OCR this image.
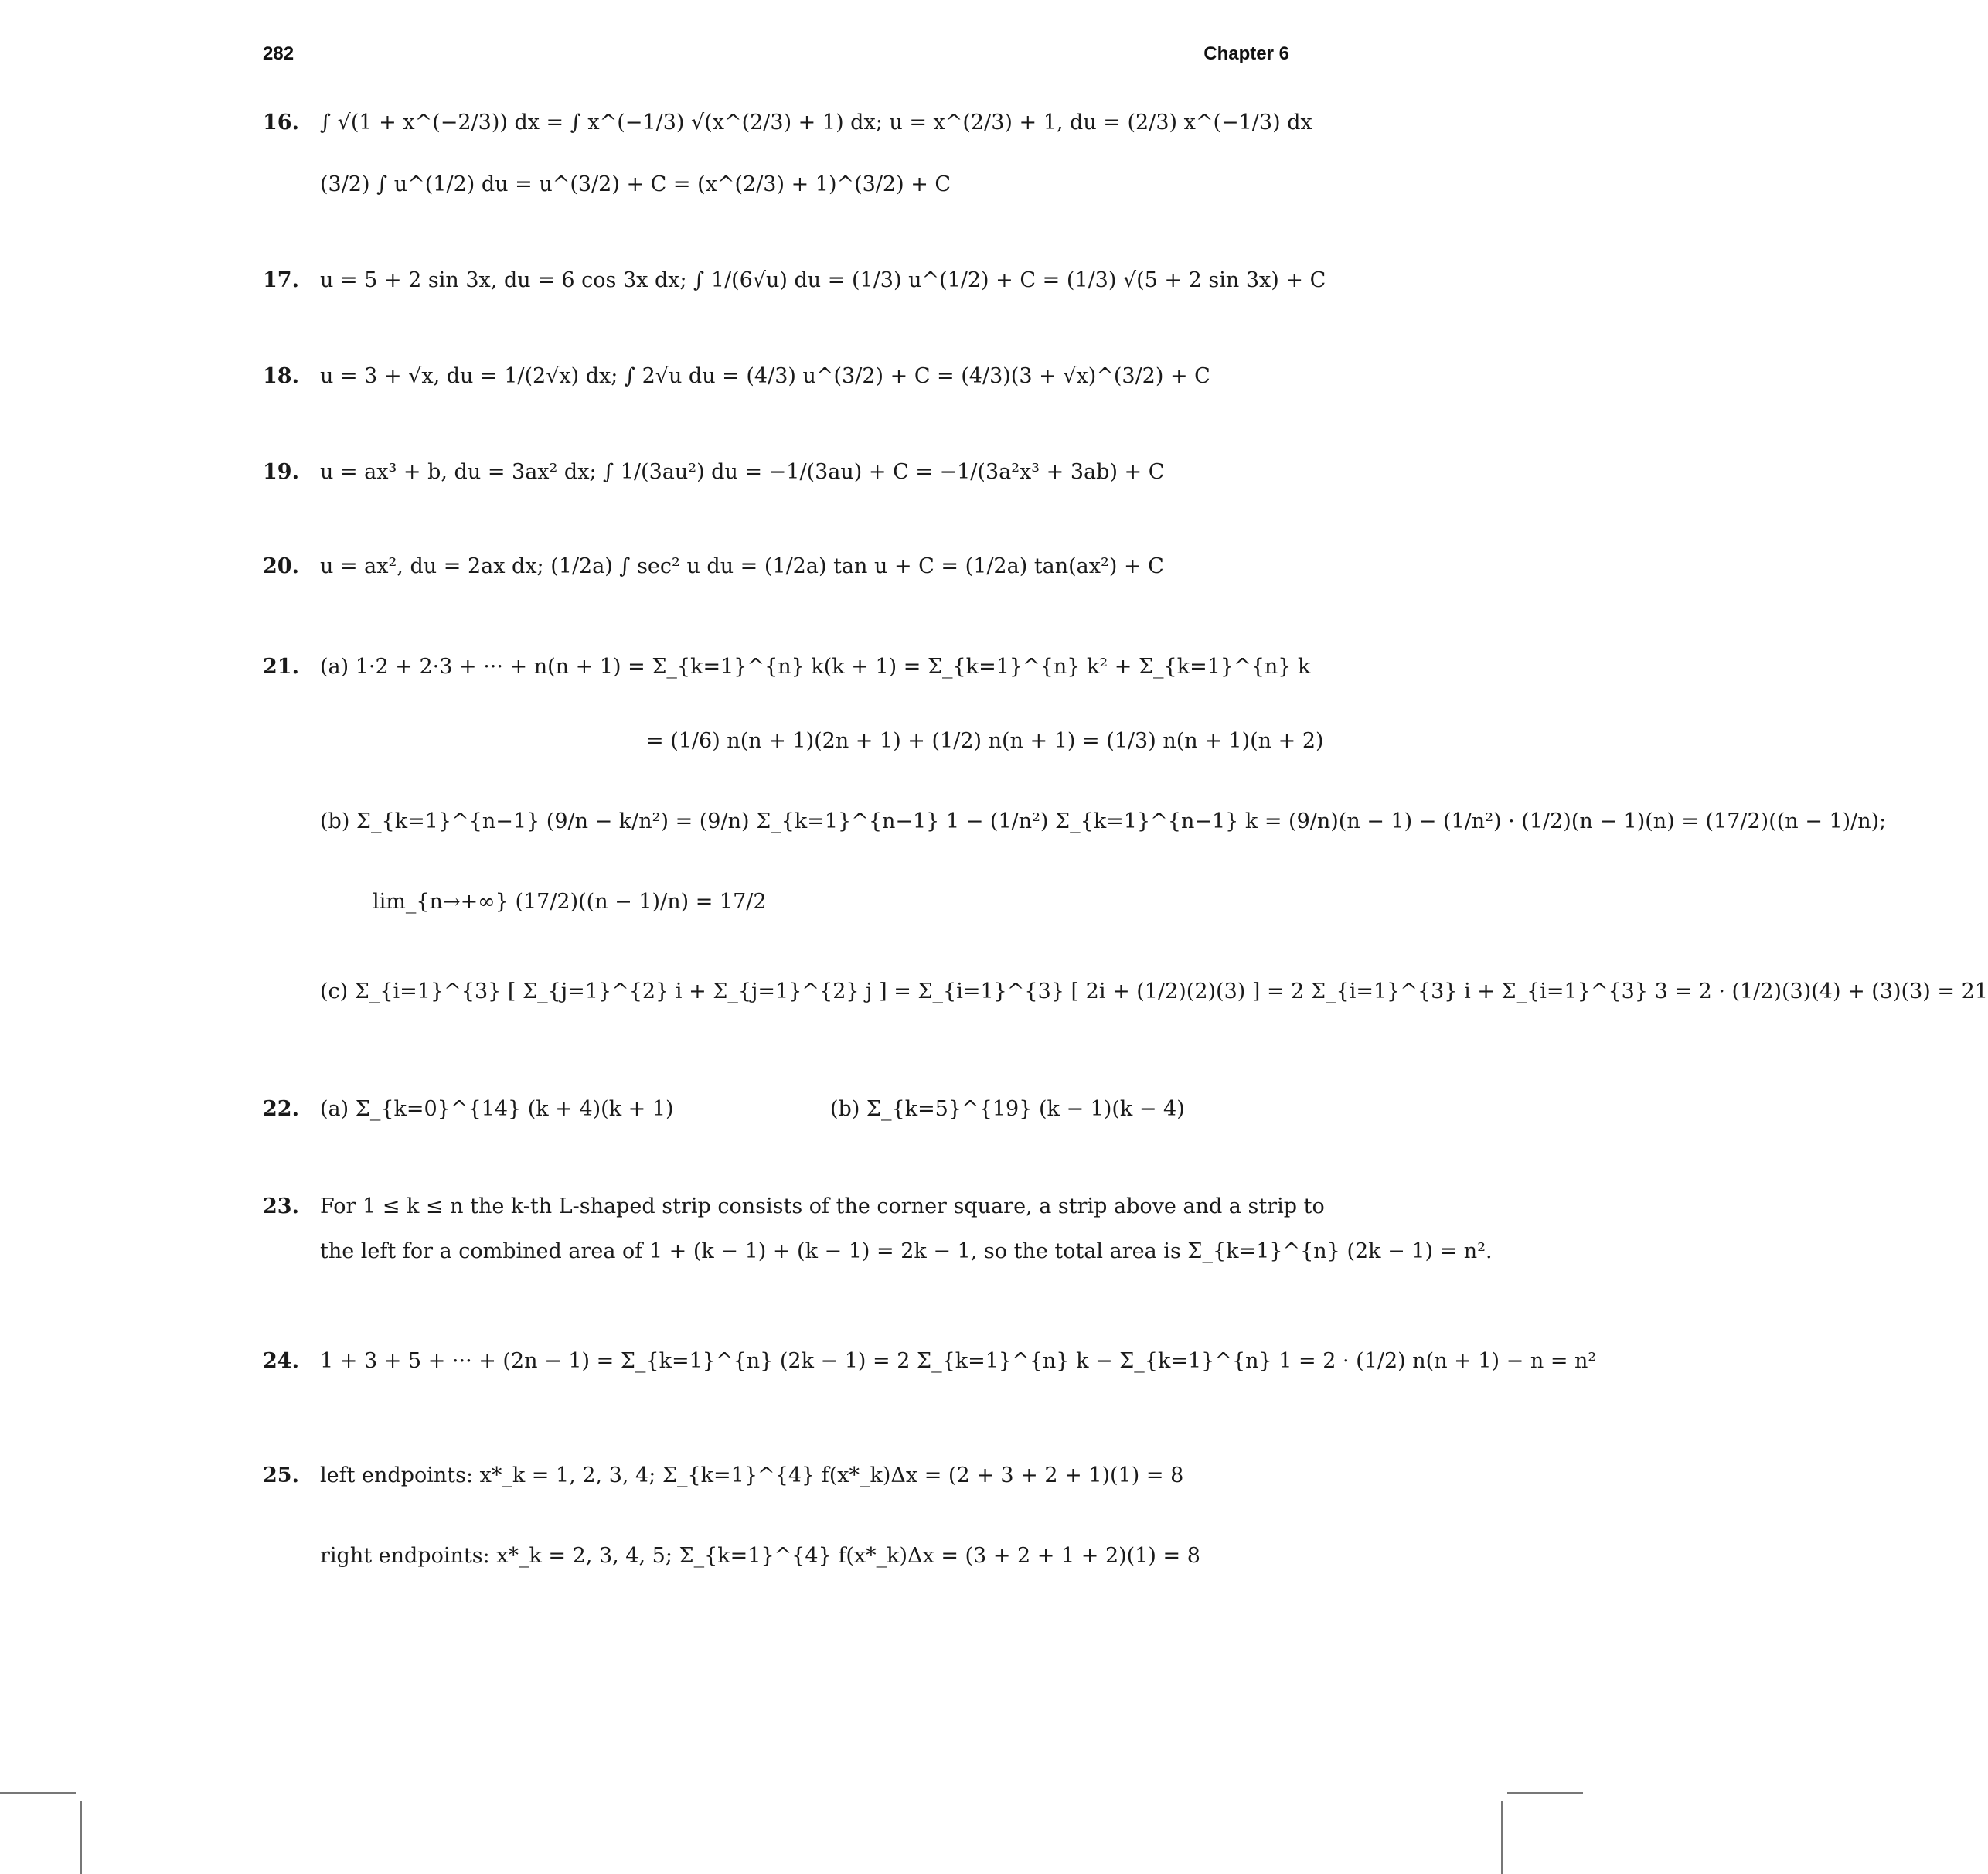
282	Chapter 6
16. ∫ √(1 + x^(−2/3)) dx = ∫ x^(−1/3) √(x^(2/3) + 1) dx; u = x^(2/3) + 1, du = (2/3) x^(−1/3) dx
(3/2) ∫ u^(1/2) du = u^(3/2) + C = (x^(2/3) + 1)^(3/2) + C
17. u = 5 + 2 sin 3x, du = 6 cos 3x dx; ∫ 1/(6√u) du = (1/3) u^(1/2) + C = (1/3) √(5 + 2 sin 3x) + C
18. u = 3 + √x, du = 1/(2√x) dx; ∫ 2√u du = (4/3) u^(3/2) + C = (4/3)(3 + √x)^(3/2) + C
19. u = ax³ + b, du = 3ax² dx; ∫ 1/(3au²) du = −1/(3au) + C = −1/(3a²x³ + 3ab) + C
20. u = ax², du = 2ax dx; (1/2a) ∫ sec² u du = (1/2a) tan u + C = (1/2a) tan(ax²) + C
21. (a) 1·2 + 2·3 + ··· + n(n + 1) = Σ_{k=1}^{n} k(k + 1) = Σ_{k=1}^{n} k² + Σ_{k=1}^{n} k
= (1/6) n(n + 1)(2n + 1) + (1/2) n(n + 1) = (1/3) n(n + 1)(n + 2)
(b) Σ_{k=1}^{n−1} (9/n − k/n²) = (9/n) Σ_{k=1}^{n−1} 1 − (1/n²) Σ_{k=1}^{n−1} k = (9/n)(n − 1) − (1/n²) · (1/2)(n − 1)(n) = (17/2)((n − 1)/n);
lim_{n→+∞} (17/2)((n − 1)/n) = 17/2
(c) Σ_{i=1}^{3} [ Σ_{j=1}^{2} i + Σ_{j=1}^{2} j ] = Σ_{i=1}^{3} [ 2i + (1/2)(2)(3) ] = 2 Σ_{i=1}^{3} i + Σ_{i=1}^{3} 3 = 2 · (1/2)(3)(4) + (3)(3) = 21
22. (a) Σ_{k=0}^{14} (k + 4)(k + 1)	(b) Σ_{k=5}^{19} (k − 1)(k − 4)
23. For 1 ≤ k ≤ n the k-th L-shaped strip consists of the corner square, a strip above and a strip to
the left for a combined area of 1 + (k − 1) + (k − 1) = 2k − 1, so the total area is Σ_{k=1}^{n} (2k − 1) = n².
24. 1 + 3 + 5 + ··· + (2n − 1) = Σ_{k=1}^{n} (2k − 1) = 2 Σ_{k=1}^{n} k − Σ_{k=1}^{n} 1 = 2 · (1/2) n(n + 1) − n = n²
25. left endpoints: x*_k = 1, 2, 3, 4; Σ_{k=1}^{4} f(x*_k)Δx = (2 + 3 + 2 + 1)(1) = 8
right endpoints: x*_k = 2, 3, 4, 5; Σ_{k=1}^{4} f(x*_k)Δx = (3 + 2 + 1 + 2)(1) = 8
